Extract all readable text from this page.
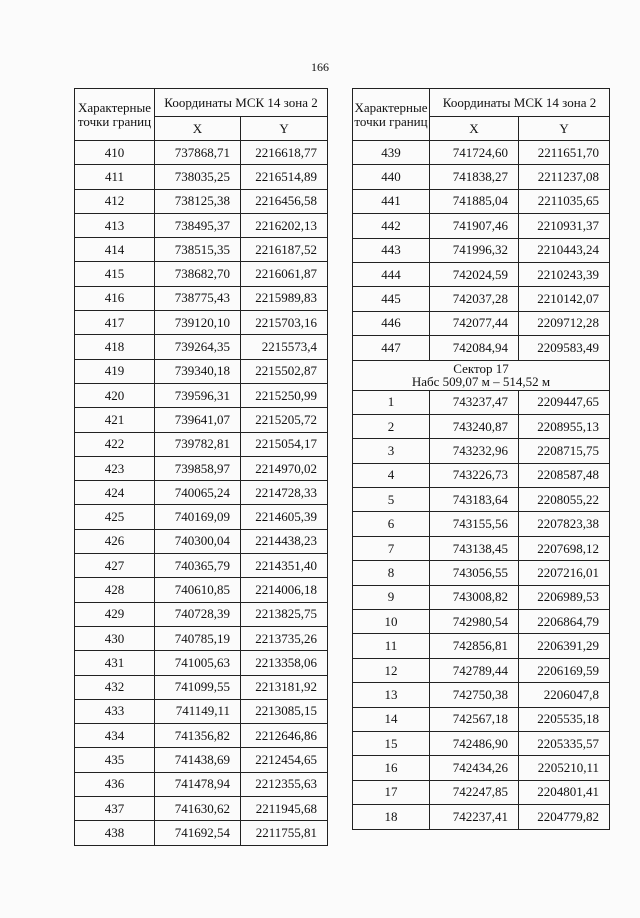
166
Характерные точки границ	Координаты МСК 14 зона 2	
	X	Y
410	737868,71	2216618,77
411	738035,25	2216514,89
412	738125,38	2216456,58
413	738495,37	2216202,13
414	738515,35	2216187,52
415	738682,70	2216061,87
416	738775,43	2215989,83
417	739120,10	2215703,16
418	739264,35	2215573,4
419	739340,18	2215502,87
420	739596,31	2215250,99
421	739641,07	2215205,72
422	739782,81	2215054,17
423	739858,97	2214970,02
424	740065,24	2214728,33
425	740169,09	2214605,39
426	740300,04	2214438,23
427	740365,79	2214351,40
428	740610,85	2214006,18
429	740728,39	2213825,75
430	740785,19	2213735,26
431	741005,63	2213358,06
432	741099,55	2213181,92
433	741149,11	2213085,15
434	741356,82	2212646,86
435	741438,69	2212454,65
436	741478,94	2212355,63
437	741630,62	2211945,68
438	741692,54	2211755,81
Характерные точки границ	Координаты МСК 14 зона 2	
	X	Y
439	741724,60	2211651,70
440	741838,27	2211237,08
441	741885,04	2211035,65
442	741907,46	2210931,37
443	741996,32	2210443,24
444	742024,59	2210243,39
445	742037,28	2210142,07
446	742077,44	2209712,28
447	742084,94	2209583,49

Сектор 17
Набс 509,07 м – 514,52 м		

1	743237,47	2209447,65
2	743240,87	2208955,13
3	743232,96	2208715,75
4	743226,73	2208587,48
5	743183,64	2208055,22
6	743155,56	2207823,38
7	743138,45	2207698,12
8	743056,55	2207216,01
9	743008,82	2206989,53
10	742980,54	2206864,79
11	742856,81	2206391,29
12	742789,44	2206169,59
13	742750,38	2206047,8
14	742567,18	2205535,18
15	742486,90	2205335,57
16	742434,26	2205210,11
17	742247,85	2204801,41
18	742237,41	2204779,82
